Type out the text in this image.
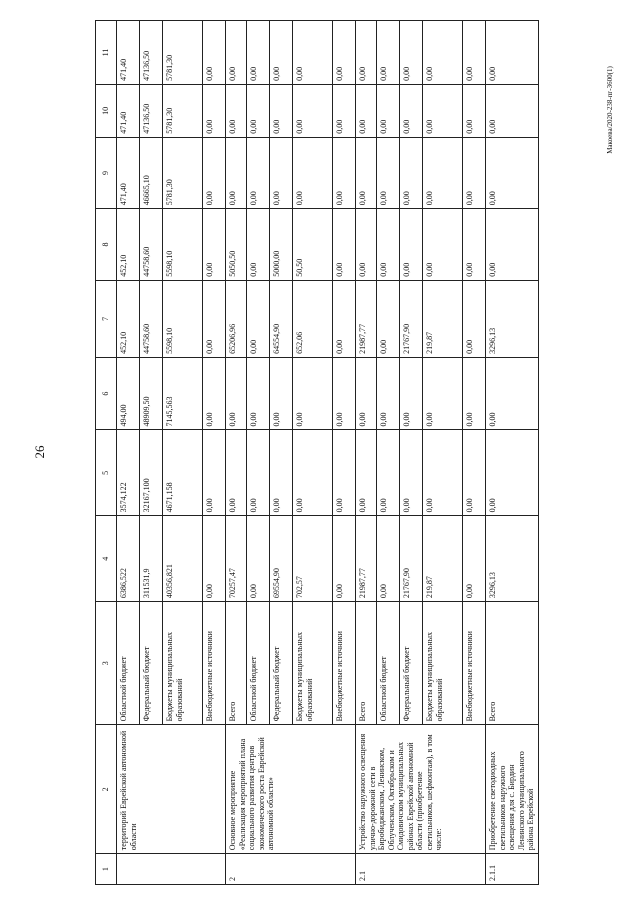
26
Макоева/2020-238-пг-3600(1)
1	2	3	4	5	6	7	8	9	10	11
	территорий Еврейской автономной области	Областной бюджет	6386,522	3574,122	494,00	452,10	452,10	471,40	471,40	471,40
		Федеральный бюджет	311531,9	32167,100	48909,50	44758,60	44758,60	46665,10	47136,50	47136,50
		Бюджеты муниципальных образований	40356,821	4671,158	7145,563	5598,10	5598,10	5781,30	5781,30	5781,30
		Внебюджетные источники	0,00	0,00	0,00	0,00	0,00	0,00	0,00	0,00
2	Основное мероприятие «Реализация мероприятий плана социального развития центров экономического роста Еврейской автономной области»	Всего	70257,47	0,00	0,00	65206,96	5050,50	0,00	0,00	0,00
		Областной бюджет	0,00	0,00	0,00	0,00	0,00	0,00	0,00	0,00
		Федеральный бюджет	69554,90	0,00	0,00	64554,90	5000,00	0,00	0,00	0,00
		Бюджеты муниципальных образований	702,57	0,00	0,00	652,06	50,50	0,00	0,00	0,00
		Внебюджетные источники	0,00	0,00	0,00	0,00	0,00	0,00	0,00	0,00
2.1	Устройство наружного освещения улично-дорожной сети в Биробиджанском, Ленинском, Облученском, Октябрьском и Смидовичском муниципальных районах Еврейской автономной области (приобретение светильников, шефмонтаж), в том числе:	Всего	21987,77	0,00	0,00	21987,77	0,00	0,00	0,00	0,00
		Областной бюджет	0,00	0,00	0,00	0,00	0,00	0,00	0,00	0,00
		Федеральный бюджет	21767,90	0,00	0,00	21767,90	0,00	0,00	0,00	0,00
		Бюджеты муниципальных образований	219,87	0,00	0,00	219,87	0,00	0,00	0,00	0,00
		Внебюджетные источники	0,00	0,00	0,00	0,00	0,00	0,00	0,00	0,00
2.1.1	Приобретение светодиодных светильников наружного освещения для с. Бирдин Ленинского муниципального района Еврейской	Всего	3296,13	0,00	0,00	3296,13	0,00	0,00	0,00	0,00
